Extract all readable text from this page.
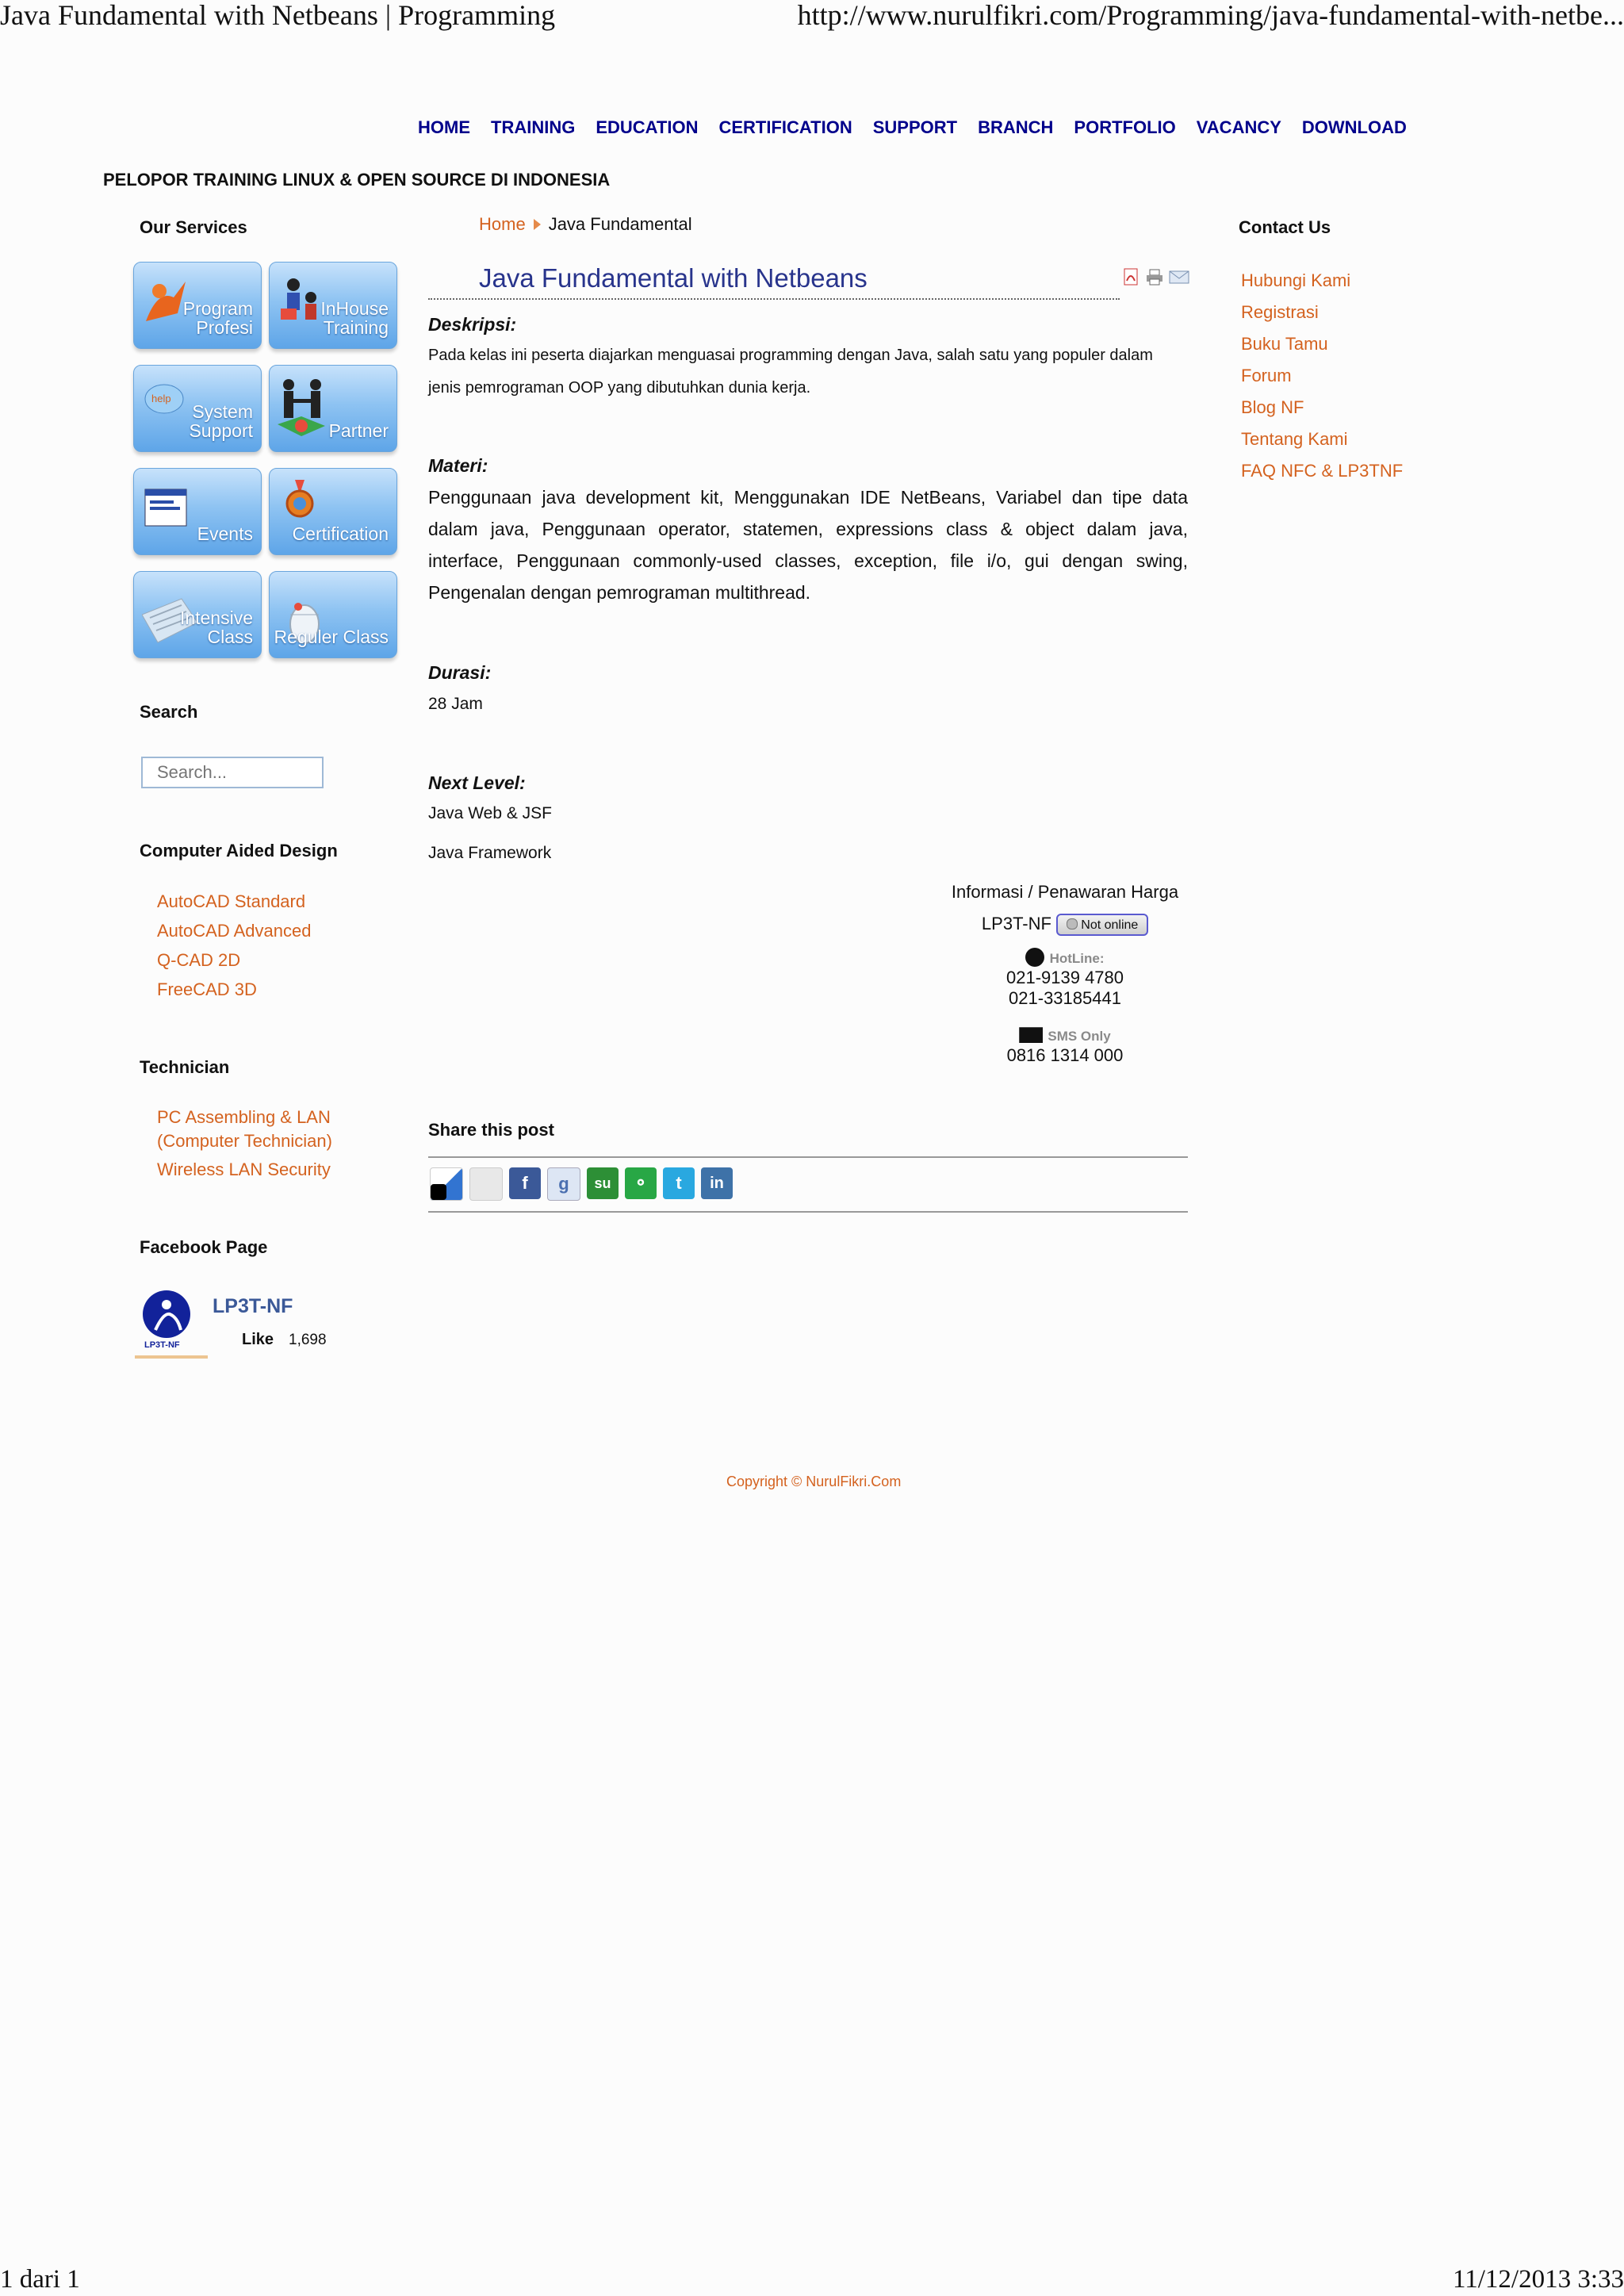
Java Fundamental with Netbeans | Programming	http://www.nurulfikri.com/Programming/java-fundamental-with-netbe...
1 dari 1	11/12/2013 3:33
HOME TRAINING EDUCATION CERTIFICATION SUPPORT BRANCH PORTFOLIO VACANCY DOWNLOAD
PELOPOR TRAINING LINUX & OPEN SOURCE DI INDONESIA
Our Services
Program Profesi
InHouse Training
help
System Support	Partner
Events Certification
Intensive Class Reguler Class
Search
Search...
Computer Aided Design
AutoCAD Standard
AutoCAD Advanced
Q-CAD 2D
FreeCAD 3D
Technician
PC Assembling & LAN (Computer Technician)
Wireless LAN Security
Facebook Page
LP3T-NF
LP3T-NF
Like 1,698
Home Java Fundamental
Java Fundamental with Netbeans
Deskripsi:
Pada kelas ini peserta diajarkan menguasai programming dengan Java, salah satu yang populer dalam jenis pemrograman OOP yang dibutuhkan dunia kerja.
Materi:
Penggunaan java development kit, Menggunakan IDE NetBeans, Variabel dan tipe data dalam java, Penggunaan operator, statemen, expressions class & object dalam java, interface, Penggunaan commonly-used classes, exception, file i/o, gui dengan swing, Pengenalan dengan pemrograman multithread.
Durasi:
28 Jam
Next Level:
Java Web & JSF
Java Framework
Informasi / Penawaran Harga
LP3T-NF Not online
HotLine:
021-9139 4780
021-33185441
SMS Only
0816 1314 000
Share this post
f	g	su	⚬	t	in
Contact Us
Hubungi Kami
Registrasi
Buku Tamu
Forum
Blog NF
Tentang Kami
FAQ NFC & LP3TNF
Copyright © NurulFikri.Com
